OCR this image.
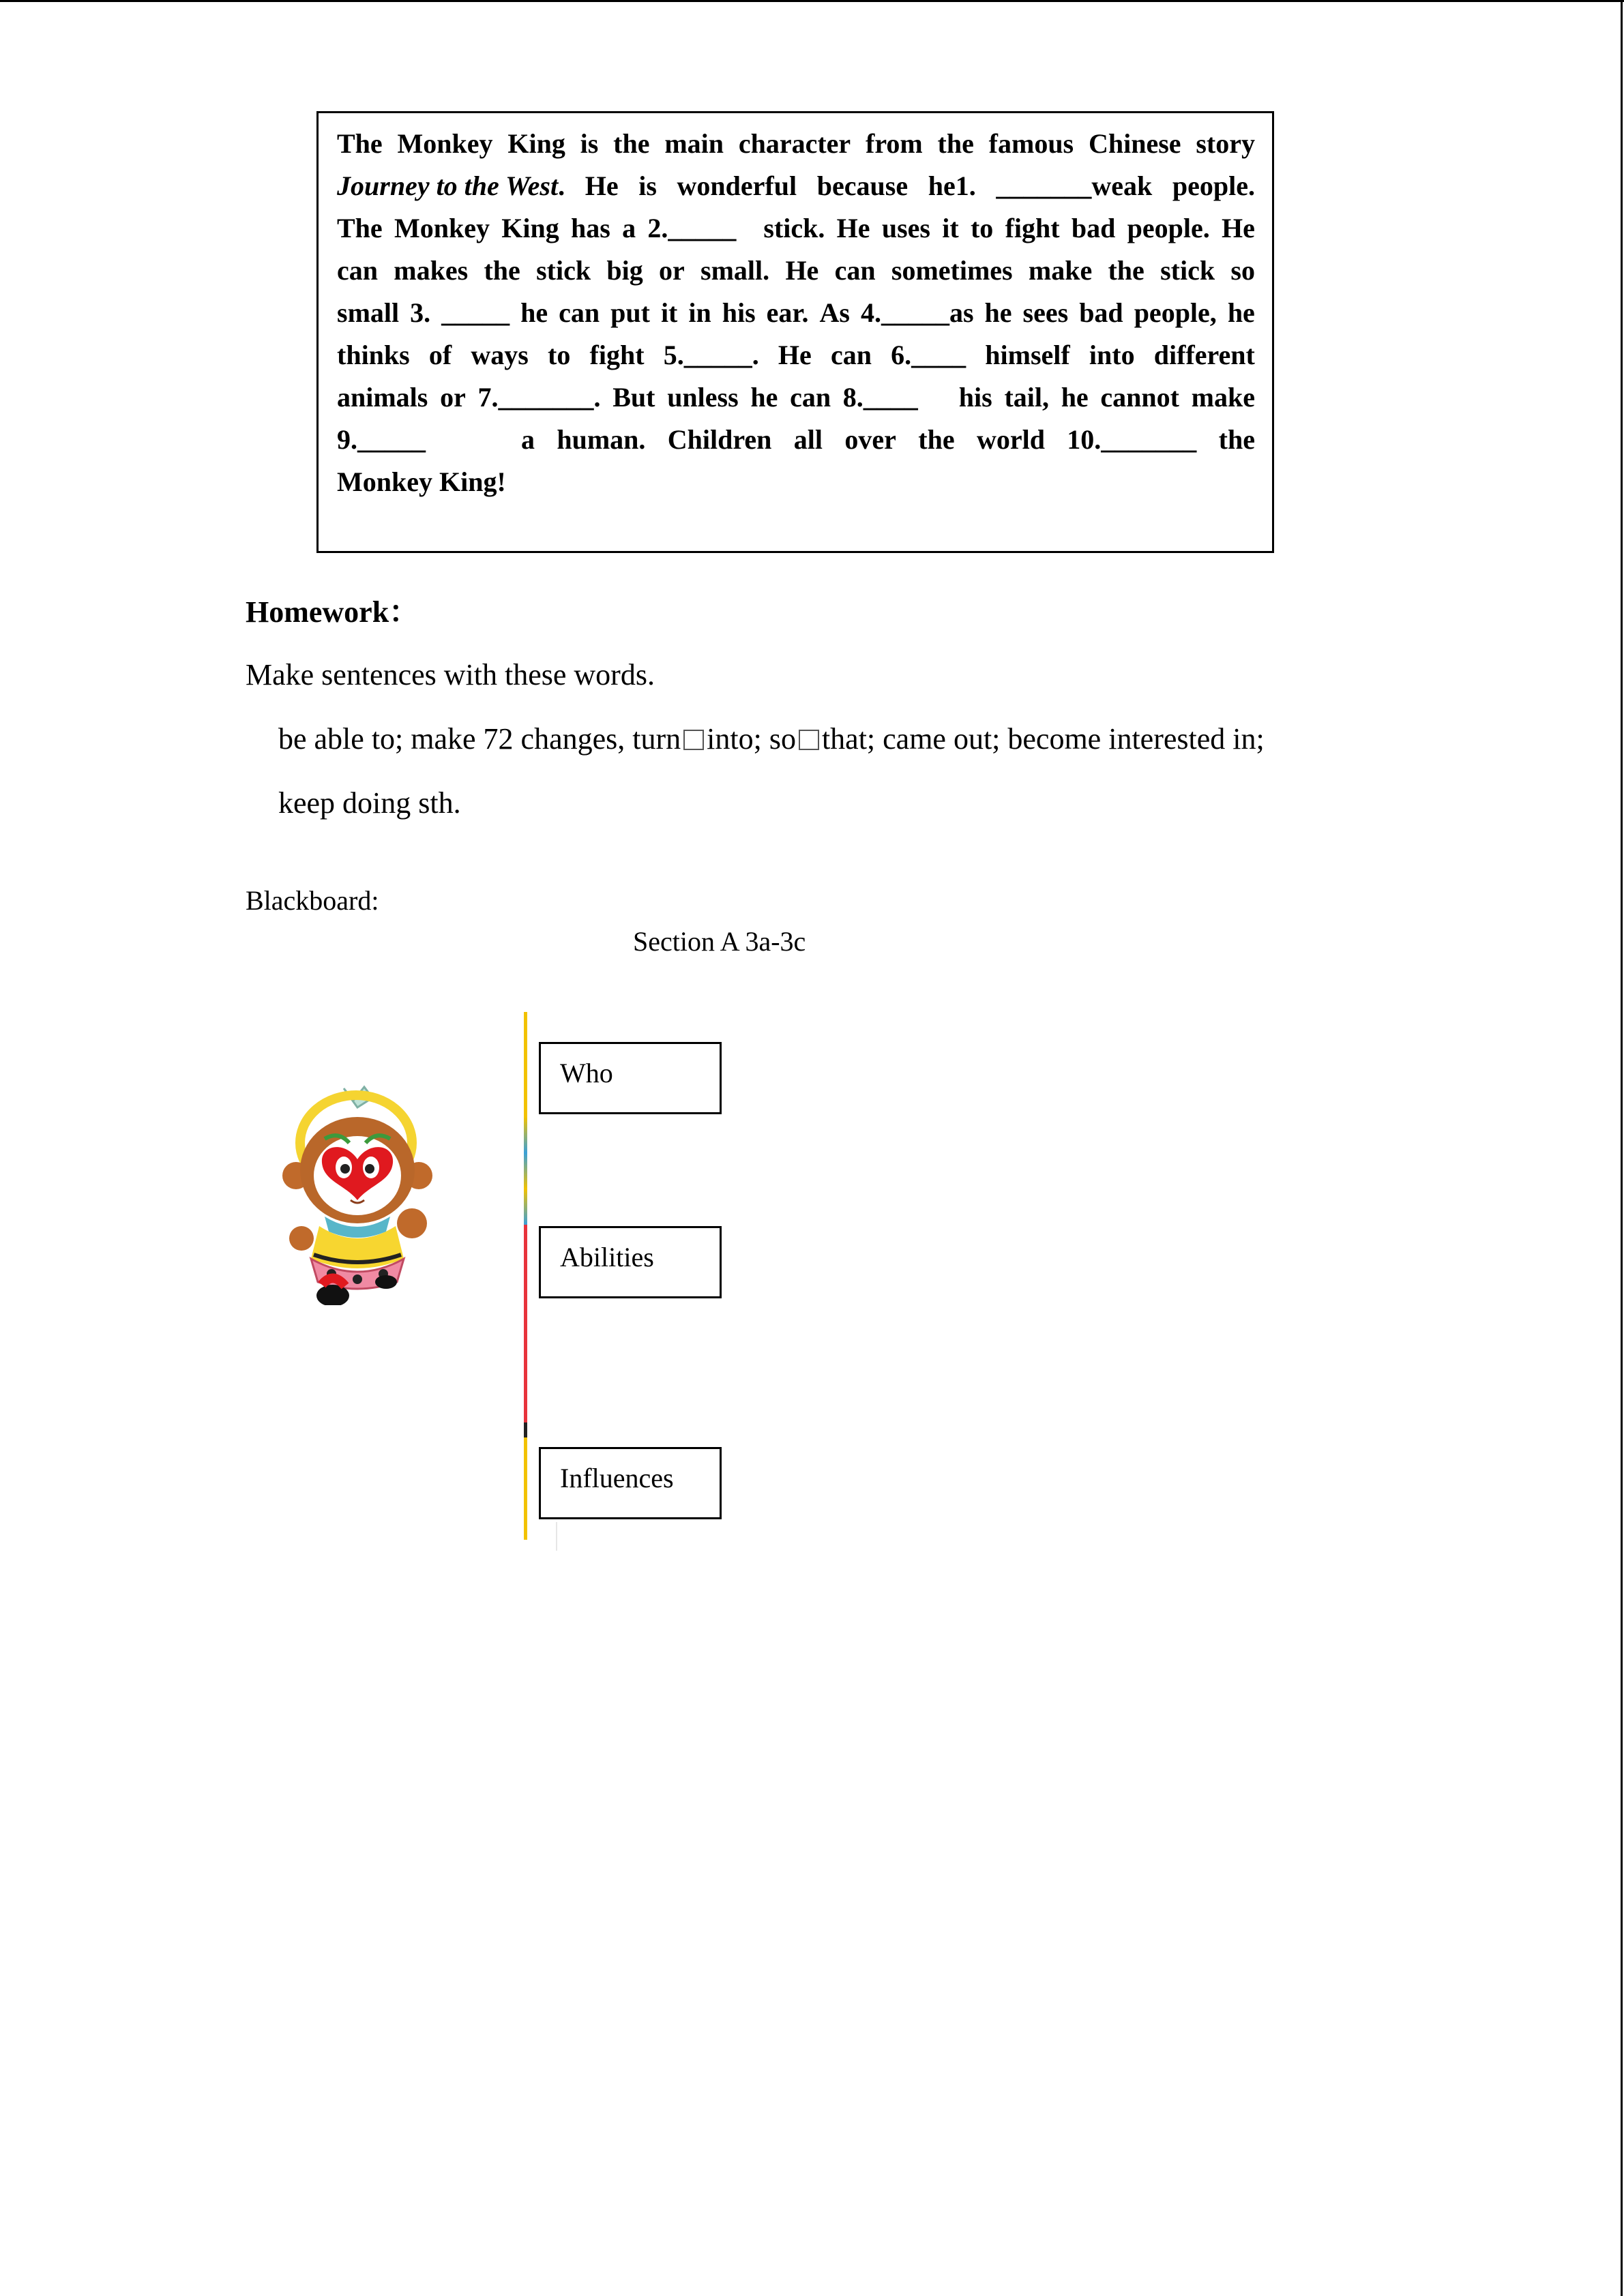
The Monkey King is the main character from the famous Chinese story
Journey to the West. He is wonderful because he1. _______weak people.
The Monkey King has a 2._____    stick. He uses it to fight bad people. He
can makes the stick big or small. He can sometimes make the stick so
small 3. _____ he can put it in his ear. As 4._____as he sees bad people, he
thinks of ways to fight 5._____. He can 6.____ himself into different
animals or 7._______. But unless he can 8.____      his tail, he cannot make
9._____              a human. Children all over the world 10._______ the
Monkey King!
Homework：
Make sentences with these words.
be able to; make 72 changes, turn into; so that; came out; become interested in;
keep doing sth.
Blackboard:
Section A 3a-3c
Who
Abilities
Influences
